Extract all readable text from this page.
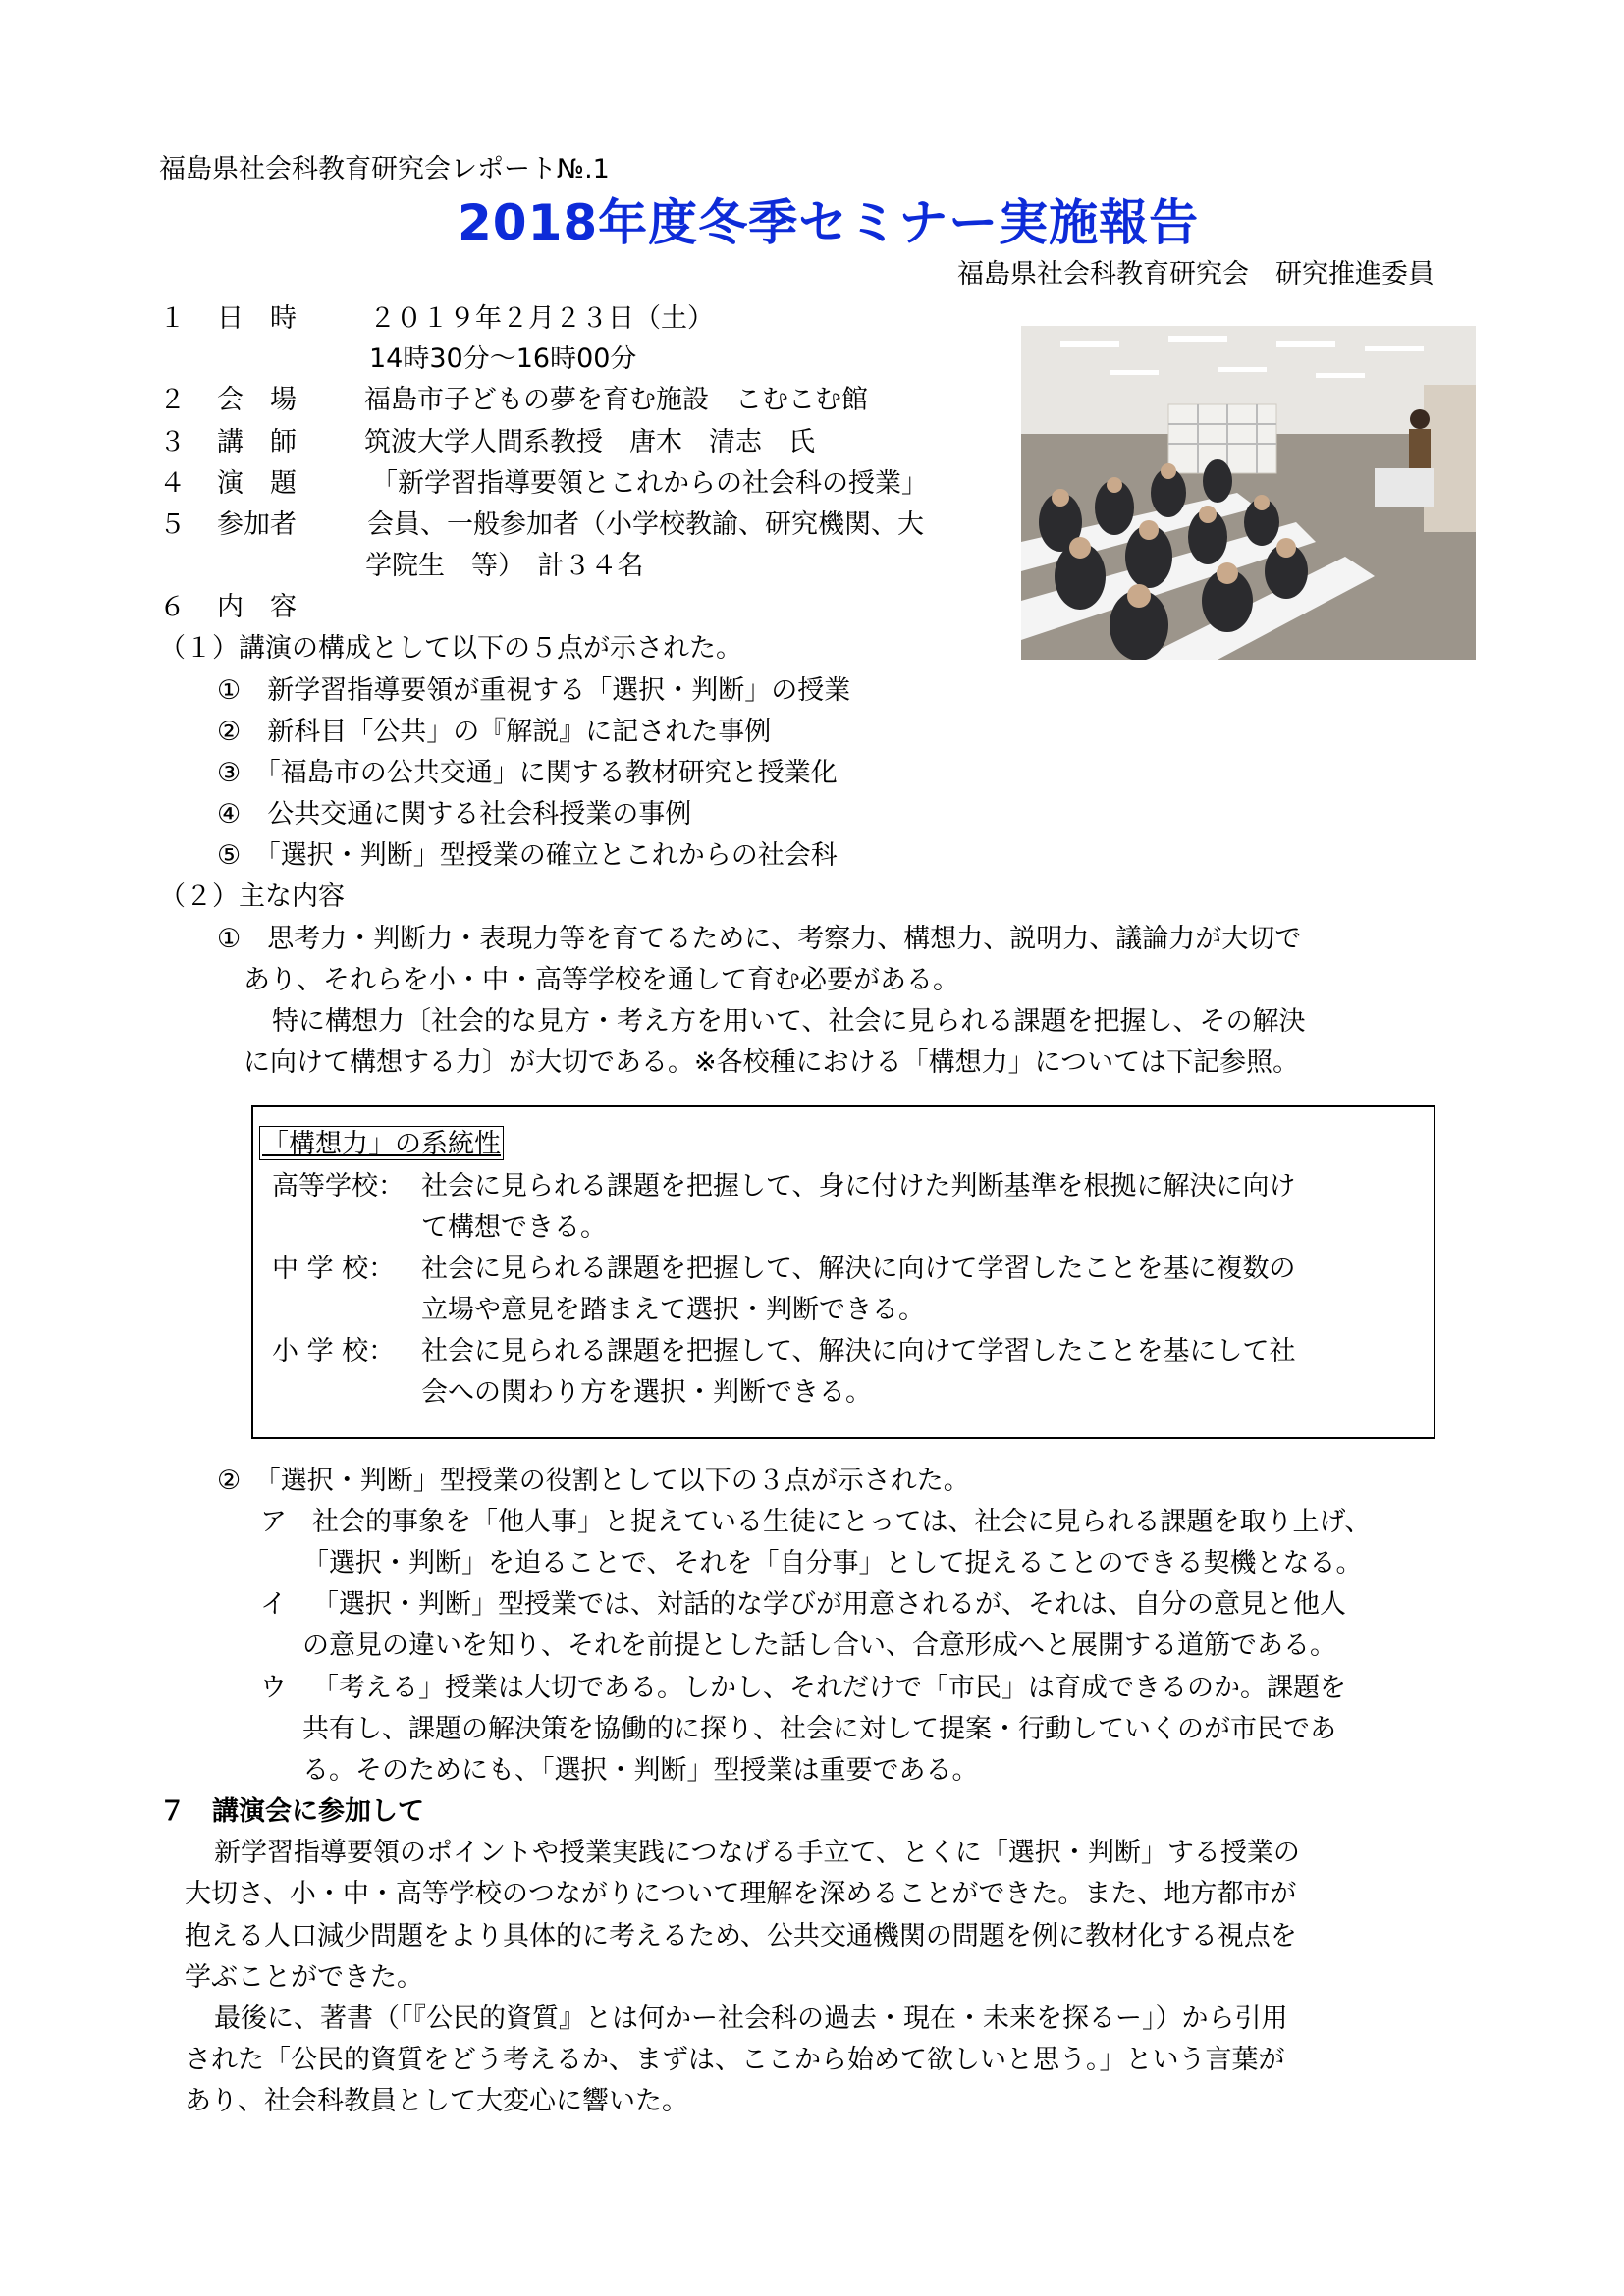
福島県社会科教育研究会レポート№.1
2018年度冬季セミナー実施報告
福島県社会科教育研究会　研究推進委員
１ 日　時	２０１９年２月２３日（土）
14時30分～16時00分
２ 会　場	福島市子どもの夢を育む施設　こむこむ館
３ 講　師	筑波大学人間系教授　唐木　清志　氏
４ 演　題	「新学習指導要領とこれからの社会科の授業」
５ 参加者	会員、一般参加者（小学校教諭、研究機関、大
学院生　等）　計３４名
６ 内　容
（１）講演の構成として以下の５点が示された。
①　新学習指導要領が重視する「選択・判断」の授業
②　新科目「公共」の『解説』に記された事例
③　「福島市の公共交通」に関する教材研究と授業化
④　公共交通に関する社会科授業の事例
⑤　「選択・判断」型授業の確立とこれからの社会科
（２）主な内容
①　思考力・判断力・表現力等を育てるために、考察力、構想力、説明力、議論力が大切で
あり、それらを小・中・高等学校を通して育む必要がある。
特に構想力〔社会的な見方・考え方を用いて、社会に見られる課題を把握し、その解決
に向けて構想する力〕が大切である。※各校種における「構想力」については下記参照。
「構想力」の系統性
高等学校： 社会に見られる課題を把握して、身に付けた判断基準を根拠に解決に向け
て構想できる。
中 学 校： 社会に見られる課題を把握して、解決に向けて学習したことを基に複数の
立場や意見を踏まえて選択・判断できる。
小 学 校： 社会に見られる課題を把握して、解決に向けて学習したことを基にして社
会への関わり方を選択・判断できる。
②　「選択・判断」型授業の役割として以下の３点が示された。
ア 社会的事象を「他人事」と捉えている生徒にとっては、社会に見られる課題を取り上げ、
「選択・判断」を迫ることで、それを「自分事」として捉えることのできる契機となる。
イ 「選択・判断」型授業では、対話的な学びが用意されるが、それは、自分の意見と他人
の意見の違いを知り、それを前提とした話し合い、合意形成へと展開する道筋である。
ウ 「考える」授業は大切である。しかし、それだけで「市民」は育成できるのか。課題を
共有し、課題の解決策を協働的に探り、社会に対して提案・行動していくのが市民であ
る。そのためにも、「選択・判断」型授業は重要である。
７　講演会に参加して
新学習指導要領のポイントや授業実践につなげる手立て、とくに「選択・判断」する授業の
大切さ、小・中・高等学校のつながりについて理解を深めることができた。また、地方都市が
抱える人口減少問題をより具体的に考えるため、公共交通機関の問題を例に教材化する視点を
学ぶことができた。
最後に、著書（「『公民的資質』とは何かー社会科の過去・現在・未来を探るー」）から引用
された「公民的資質をどう考えるか、まずは、ここから始めて欲しいと思う。」という言葉が
あり、社会科教員として大変心に響いた。
